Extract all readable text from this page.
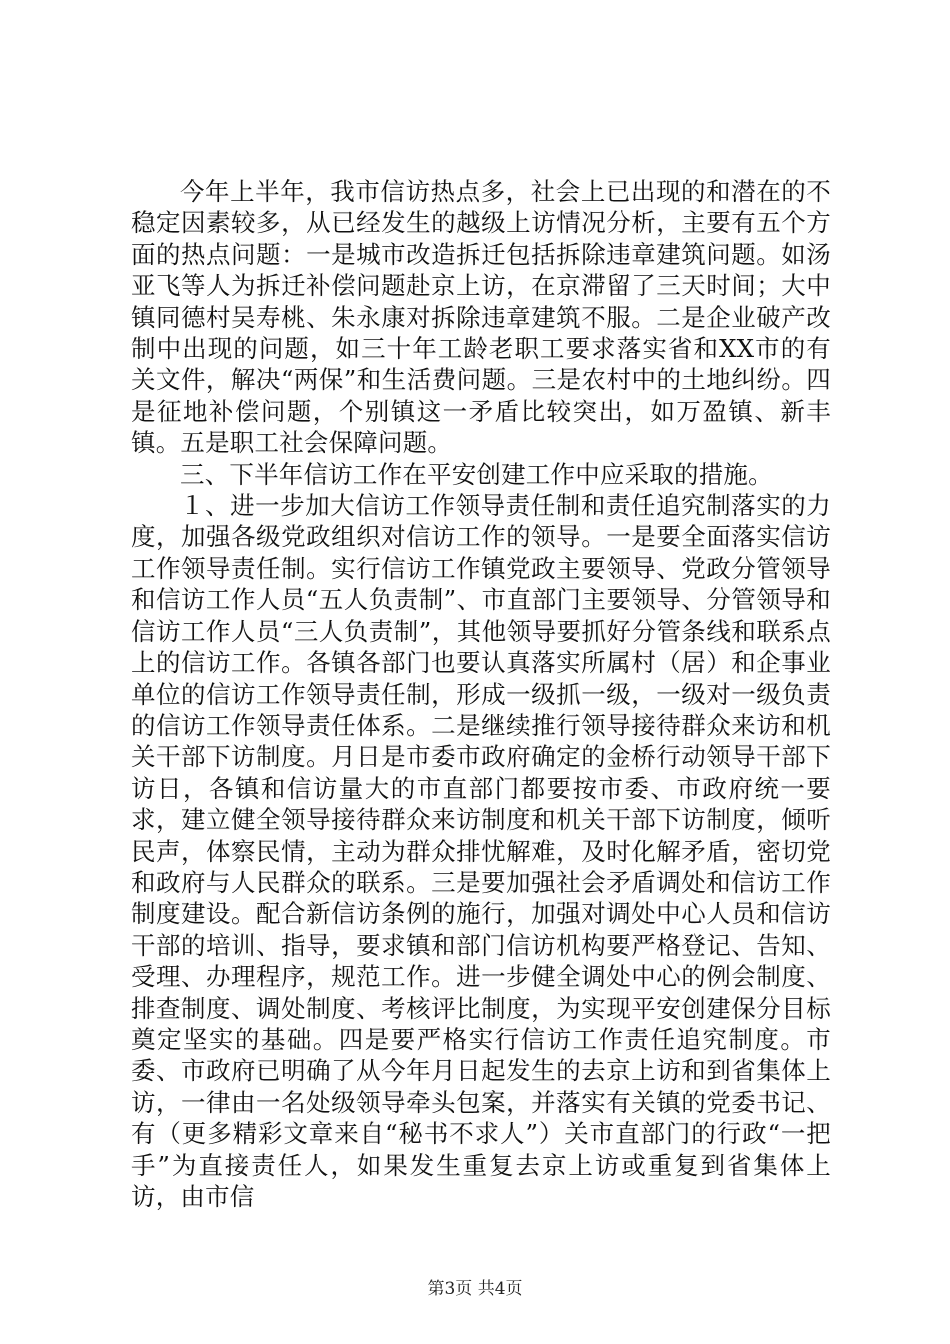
今年上半年，我市信访热点多，社会上已出现的和潜在的不稳定因素较多，从已经发生的越级上访情况分析，主要有五个方面的热点问题：一是城市改造拆迁包括拆除违章建筑问题。如汤亚飞等人为拆迁补偿问题赴京上访，在京滞留了三天时间；大中镇同德村吴寿桃、朱永康对拆除违章建筑不服。二是企业破产改制中出现的问题，如三十年工龄老职工要求落实省和XX市的有关文件，解决“两保”和生活费问题。三是农村中的土地纠纷。四是征地补偿问题，个别镇这一矛盾比较突出，如万盈镇、新丰镇。五是职工社会保障问题。

三、下半年信访工作在平安创建工作中应采取的措施。

１、进一步加大信访工作领导责任制和责任追究制落实的力度，加强各级党政组织对信访工作的领导。一是要全面落实信访工作领导责任制。实行信访工作镇党政主要领导、党政分管领导和信访工作人员“五人负责制”、市直部门主要领导、分管领导和信访工作人员“三人负责制”，其他领导要抓好分管条线和联系点上的信访工作。各镇各部门也要认真落实所属村（居）和企事业单位的信访工作领导责任制，形成一级抓一级，一级对一级负责的信访工作领导责任体系。二是继续推行领导接待群众来访和机关干部下访制度。月日是市委市政府确定的金桥行动领导干部下访日，各镇和信访量大的市直部门都要按市委、市政府统一要求，建立健全领导接待群众来访制度和机关干部下访制度，倾听民声，体察民情，主动为群众排忧解难，及时化解矛盾，密切党和政府与人民群众的联系。三是要加强社会矛盾调处和信访工作制度建设。配合新信访条例的施行，加强对调处中心人员和信访干部的培训、指导，要求镇和部门信访机构要严格登记、告知、受理、办理程序，规范工作。进一步健全调处中心的例会制度、排查制度、调处制度、考核评比制度，为实现平安创建保分目标奠定坚实的基础。四是要严格实行信访工作责任追究制度。市委、市政府已明确了从今年月日起发生的去京上访和到省集体上访，一律由一名处级领导牵头包案，并落实有关镇的党委书记、有（更多精彩文章来自“秘书不求人”）关市直部门的行政“一把手”为直接责任人，如果发生重复去京上访或重复到省集体上访，由市信

第3页 共4页
